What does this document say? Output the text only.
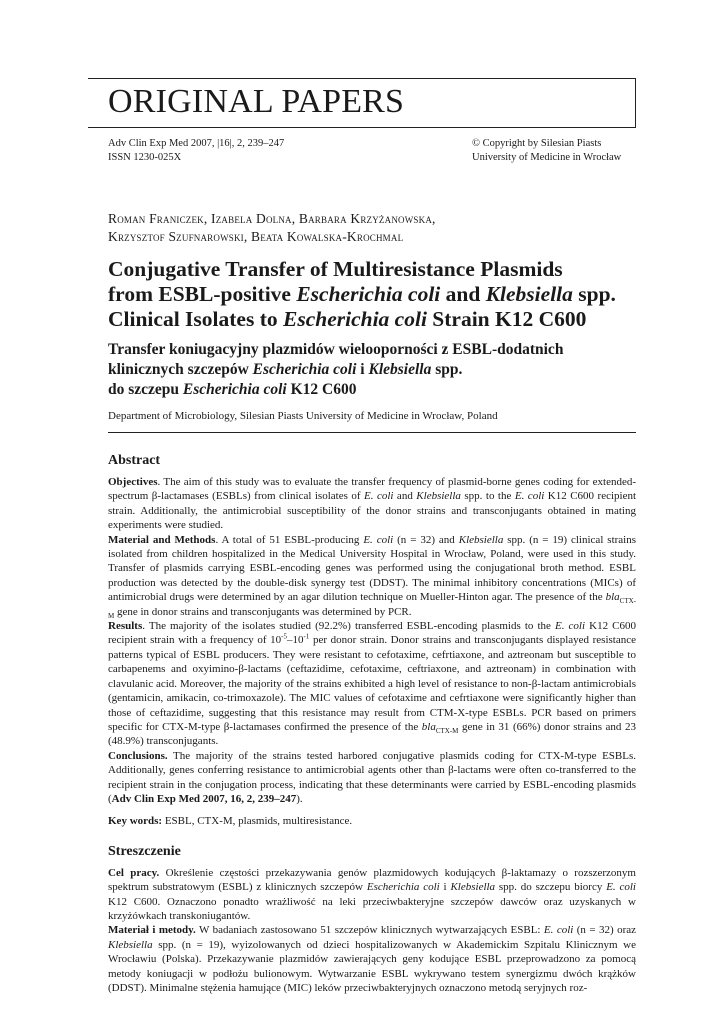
ORIGINAL PAPERS
Adv Clin Exp Med 2007, |16|, 2, 239–247
ISSN 1230-025X
© Copyright by Silesian Piasts
University of Medicine in Wrocław
Roman Franiczek, Izabela Dolna, Barbara Krzyżanowska,
Krzysztof Szufnarowski, Beata Kowalska-Krochmal
Conjugative Transfer of Multiresistance Plasmids
from ESBL-positive Escherichia coli and Klebsiella spp.
Clinical Isolates to Escherichia coli Strain K12 C600
Transfer koniugacyjny plazmidów wielooporności z ESBL-dodatnich
klinicznych szczepów Escherichia coli i Klebsiella spp.
do szczepu Escherichia coli K12 C600
Department of Microbiology, Silesian Piasts University of Medicine in Wrocław, Poland
Abstract

Objectives. The aim of this study was to evaluate the transfer frequency of plasmid-borne genes coding for extended-spectrum β-lactamases (ESBLs) from clinical isolates of E. coli and Klebsiella spp. to the E. coli K12 C600 recipient strain. Additionally, the antimicrobial susceptibility of the donor strains and transconjugants obtained in mating experiments were studied.

Material and Methods. A total of 51 ESBL-producing E. coli (n = 32) and Klebsiella spp. (n = 19) clinical strains isolated from children hospitalized in the Medical University Hospital in Wrocław, Poland, were used in this study. Transfer of plasmids carrying ESBL-encoding genes was performed using the conjugational broth method. ESBL production was detected by the double-disk synergy test (DDST). The minimal inhibitory concentrations (MICs) of antimicrobial drugs were determined by an agar dilution technique on Mueller-Hinton agar. The presence of the bla$_{CTX-M}$ gene in donor strains and transconjugants was determined by PCR.

Results. The majority of the isolates studied (92.2%) transferred ESBL-encoding plasmids to the E. coli K12 C600 recipient strain with a frequency of $10^{-5}-10^{-1}$ per donor strain. Donor strains and transconjugants displayed resistance patterns typical of ESBL producers. They were resistant to cefotaxime, cefrtiaxone, and aztreonam but susceptible to carbapenems and oxyimino-β-lactams (ceftazidime, cefotaxime, ceftriaxone, and aztreonam) in combination with clavulanic acid. Moreover, the majority of the strains exhibited a high level of resistance to non-β-lactam antimicrobials (gentamicin, amikacin, co-trimoxazole). The MIC values of cefotaxime and cefrtiaxone were significantly higher than those of ceftazidime, suggesting that this resistance may result from CTM-X-type ESBLs. PCR based on primers specific for CTX-M-type β-lactamases confirmed the presence of the bla$_{CTX-M}$ gene in 31 (66%) donor strains and 23 (48.9%) transconjugants.

Conclusions. The majority of the strains tested harbored conjugative plasmids coding for CTX-M-type ESBLs. Additionally, genes conferring resistance to antimicrobial agents other than β-lactams were often co-transferred to the recipient strain in the conjugation process, indicating that these determinants were carried by ESBL-encoding plasmids (Adv Clin Exp Med 2007, 16, 2, 239–247).

Key words: ESBL, CTX-M, plasmids, multiresistance.

Streszczenie

Cel pracy. Określenie częstości przekazywania genów plazmidowych kodujących β-laktamazy o rozszerzonym spektrum substratowym (ESBL) z klinicznych szczepów Escherichia coli i Klebsiella spp. do szczepu biorcy E. coli K12 C600. Oznaczono ponadto wrażliwość na leki przeciwbakteryjne szczepów dawców oraz uzyskanych w krzyżówkach transkoniugantów.

Materiał i metody. W badaniach zastosowano 51 szczepów klinicznych wytwarzających ESBL: E. coli (n = 32) oraz Klebsiella spp. (n = 19), wyizolowanych od dzieci hospitalizowanych w Akademickim Szpitalu Klinicznym we Wrocławiu (Polska). Przekazywanie plazmidów zawierających geny kodujące ESBL przeprowadzono za pomocą metody koniugacji w podłożu bulionowym. Wytwarzanie ESBL wykrywano testem synergizmu dwóch krążków (DDST). Minimalne stężenia hamujące (MIC) leków przeciwbakteryjnych oznaczono metodą seryjnych roz-
